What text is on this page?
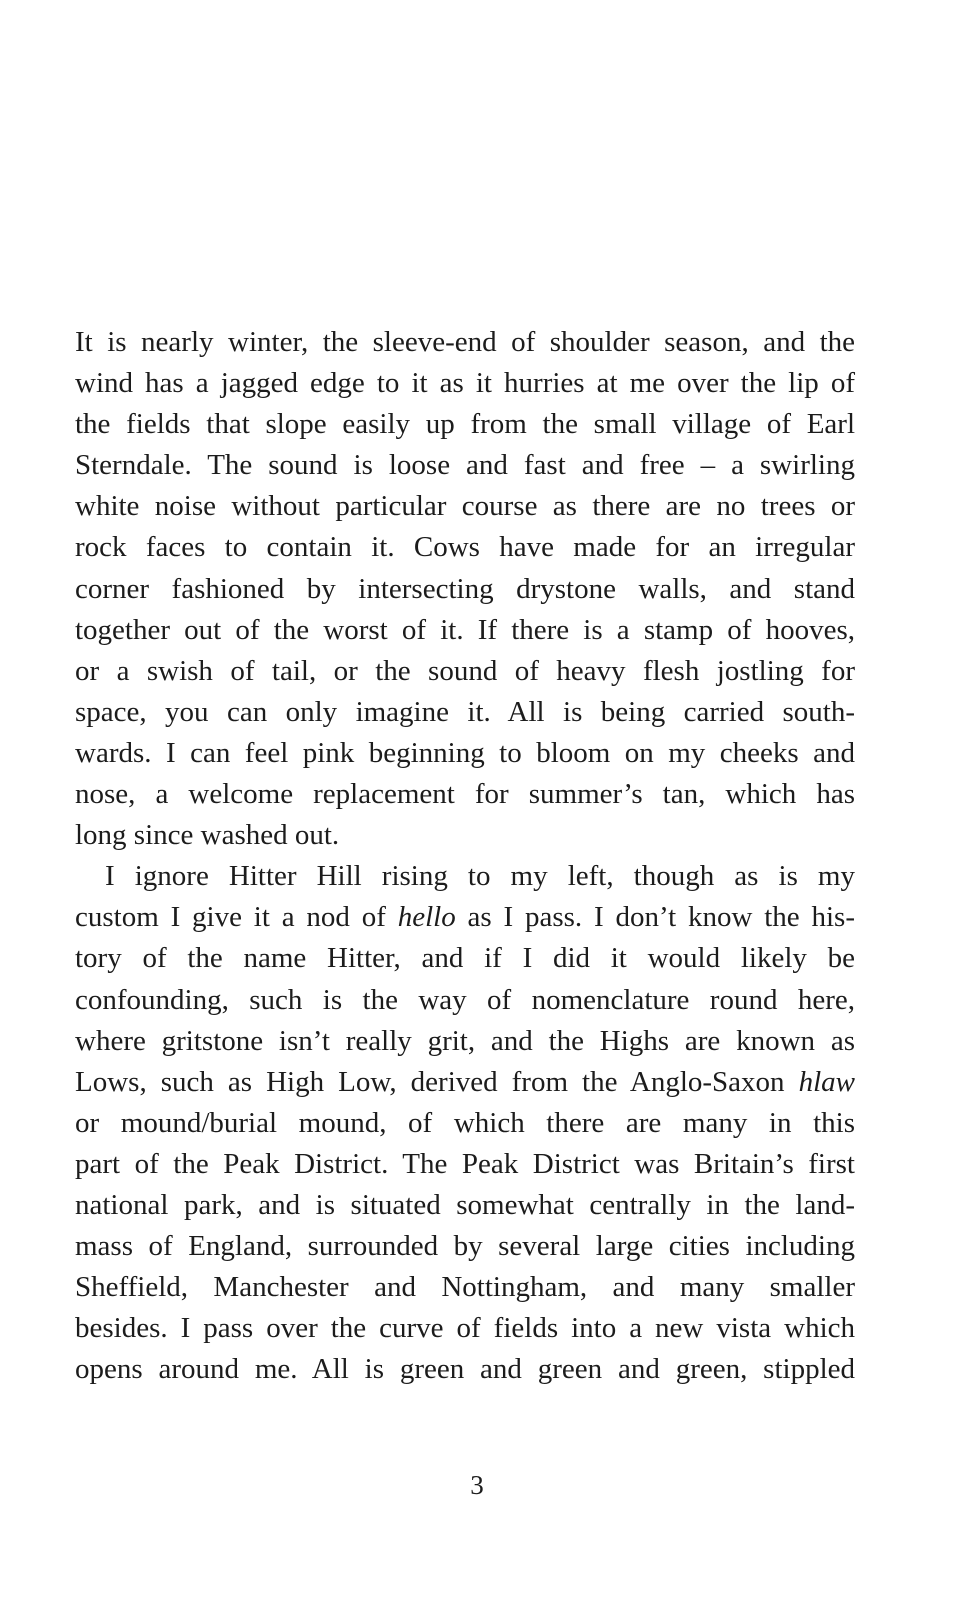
It is nearly winter, the sleeve-end of shoulder season, and the
wind has a jagged edge to it as it hurries at me over the lip of
the fields that slope easily up from the small village of Earl
Sterndale. The sound is loose and fast and free – a swirling
white noise without particular course as there are no trees or
rock faces to contain it. Cows have made for an irregular
corner fashioned by intersecting drystone walls, and stand
together out of the worst of it. If there is a stamp of hooves,
or a swish of tail, or the sound of heavy flesh jostling for
space, you can only imagine it. All is being carried south-
wards. I can feel pink beginning to bloom on my cheeks and
nose, a welcome replacement for summer’s tan, which has
long since washed out.
I ignore Hitter Hill rising to my left, though as is my
custom I give it a nod of hello as I pass. I don’t know the his-
tory of the name Hitter, and if I did it would likely be
confounding, such is the way of nomenclature round here,
where gritstone isn’t really grit, and the Highs are known as
Lows, such as High Low, derived from the Anglo-Saxon hlaw
or mound/burial mound, of which there are many in this
part of the Peak District. The Peak District was Britain’s first
national park, and is situated somewhat centrally in the land-
mass of England, surrounded by several large cities including
Sheffield, Manchester and Nottingham, and many smaller
besides. I pass over the curve of fields into a new vista which
opens around me. All is green and green and green, stippled
3
